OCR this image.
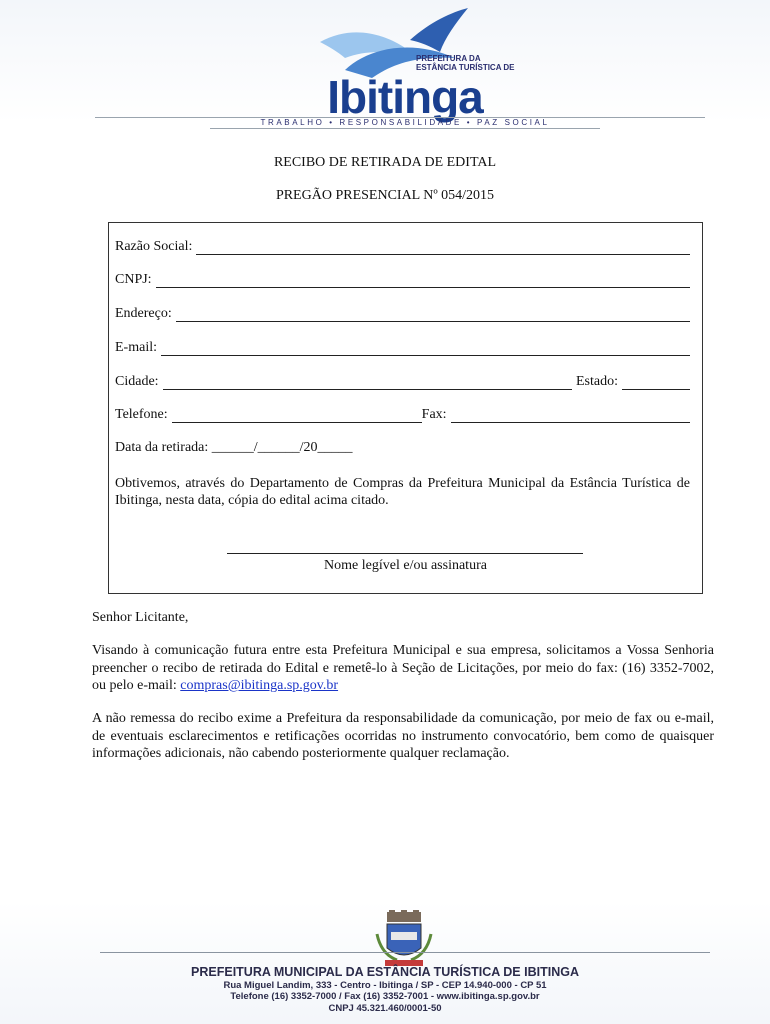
PREFEITURA DA
ESTÂNCIA TURÍSTICA DE
Ibitinga
TRABALHO • RESPONSABILIDADE • PAZ SOCIAL
RECIBO DE RETIRADA DE EDITAL
PREGÃO PRESENCIAL Nº 054/2015
Razão Social:
CNPJ:
Endereço:
E-mail:
Cidade:	Estado:
Telefone:	Fax:
Data da retirada: ______/______/20_____
Obtivemos, através do Departamento de Compras da Prefeitura Municipal da Estância Turística de Ibitinga, nesta data, cópia do edital acima citado.
Nome legível e/ou assinatura
Senhor Licitante,
Visando à comunicação futura entre esta Prefeitura Municipal e sua empresa, solicitamos a Vossa Senhoria preencher o recibo de retirada do Edital e remetê-lo à Seção de Licitações, por meio do fax: (16) 3352-7002, ou pelo e-mail: compras@ibitinga.sp.gov.br
A não remessa do recibo exime a Prefeitura da responsabilidade da comunicação, por meio de fax ou e-mail, de eventuais esclarecimentos e retificações ocorridas no instrumento convocatório, bem como de quaisquer informações adicionais, não cabendo posteriormente qualquer reclamação.
PREFEITURA MUNICIPAL DA ESTÂNCIA TURÍSTICA DE IBITINGA
Rua Miguel Landim, 333 - Centro - Ibitinga / SP - CEP 14.940-000 - CP 51
Telefone (16) 3352-7000 / Fax (16) 3352-7001 - www.ibitinga.sp.gov.br
CNPJ 45.321.460/0001-50
